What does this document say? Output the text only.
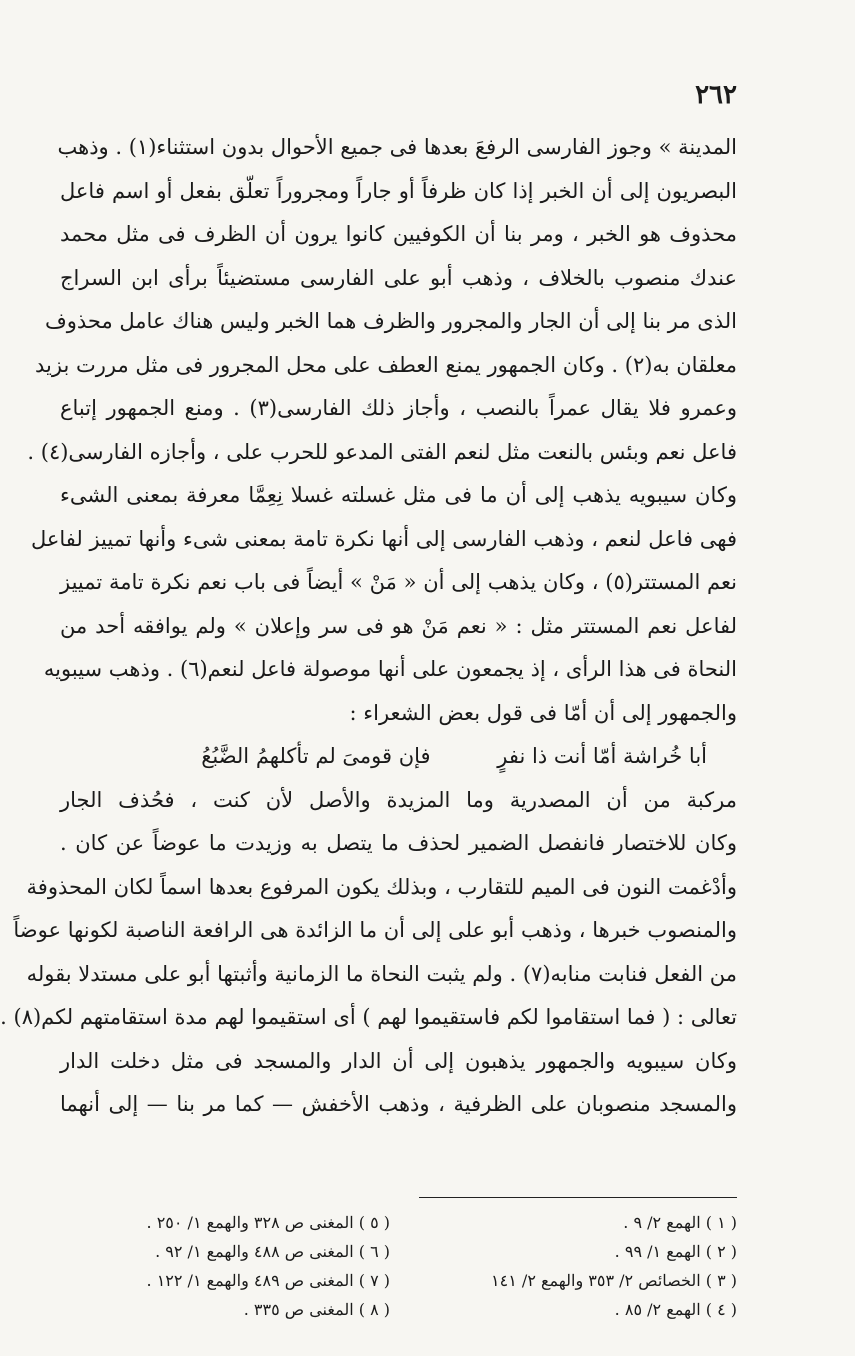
٢٦٢
المدينة » وجوز الفارسى الرفعَ بعدها فى جميع الأحوال بدون استثناء(١) . وذهب
البصريون إلى أن الخبر إذا كان ظرفاً أو جاراً ومجروراً تعلّق بفعل أو اسم فاعل
محذوف هو الخبر ، ومر بنا أن الكوفيين كانوا يرون أن الظرف فى مثل محمد
عندك منصوب بالخلاف ، وذهب أبو على الفارسى مستضيئاً برأى ابن السراج
الذى مر بنا إلى أن الجار والمجرور والظرف هما الخبر وليس هناك عامل محذوف
معلقان به(٢) . وكان الجمهور يمنع العطف على محل المجرور فى مثل مررت بزيد
وعمرو فلا يقال عمراً بالنصب ، وأجاز ذلك الفارسى(٣) . ومنع الجمهور إتباع
فاعل نعم وبئس بالنعت مثل لنعم الفتى المدعو للحرب على ، وأجازه الفارسى(٤) .
وكان سيبويه يذهب إلى أن ما فى مثل غسلته غسلا نِعِمَّا معرفة بمعنى الشىء
فهى فاعل لنعم ، وذهب الفارسى إلى أنها نكرة تامة بمعنى شىء وأنها تمييز لفاعل
نعم المستتر(٥) ، وكان يذهب إلى أن « مَنْ » أيضاً فى باب نعم نكرة تامة تمييز
لفاعل نعم المستتر مثل : « نعم مَنْ هو فى سر وإعلان » ولم يوافقه أحد من
النحاة فى هذا الرأى ، إذ يجمعون على أنها موصولة فاعل لنعم(٦) . وذهب سيبويه
والجمهور إلى أن أمّا فى قول بعض الشعراء :
أبا خُراشة أمّا أنت ذا نفرٍ فإن قومىَ لم تأكلهمُ الضَّبُعُ
مركبة من أن المصدرية وما المزيدة والأصل لأن كنت ، فحُذف الجار
وكان للاختصار فانفصل الضمير لحذف ما يتصل به وزيدت ما عوضاً عن كان .
وأدْغمت النون فى الميم للتقارب ، وبذلك يكون المرفوع بعدها اسماً لكان المحذوفة
والمنصوب خبرها ، وذهب أبو على إلى أن ما الزائدة هى الرافعة الناصبة لكونها عوضاً
من الفعل فنابت منابه(٧) . ولم يثبت النحاة ما الزمانية وأثبتها أبو على مستدلا بقوله
تعالى : ( فما استقاموا لكم فاستقيموا لهم ) أى استقيموا لهم مدة استقامتهم لكم(٨) .
وكان سيبويه والجمهور يذهبون إلى أن الدار والمسجد فى مثل دخلت الدار
والمسجد منصوبان على الظرفية ، وذهب الأخفش — كما مر بنا — إلى أنهما
( ١ ) الهمع ٢/ ٩ .
( ٢ ) الهمع ١/ ٩٩ .
( ٣ ) الخصائص ٢/ ٣٥٣ والهمع ٢/ ١٤١
( ٤ ) الهمع ٢/ ٨٥ .
( ٥ ) المغنى ص ٣٢٨ والهمع ١/ ٢٥٠ .
( ٦ ) المغنى ص ٤٨٨ والهمع ١/ ٩٢ .
( ٧ ) المغنى ص ٤٨٩ والهمع ١/ ١٢٢ .
( ٨ ) المغنى ص ٣٣٥ .
